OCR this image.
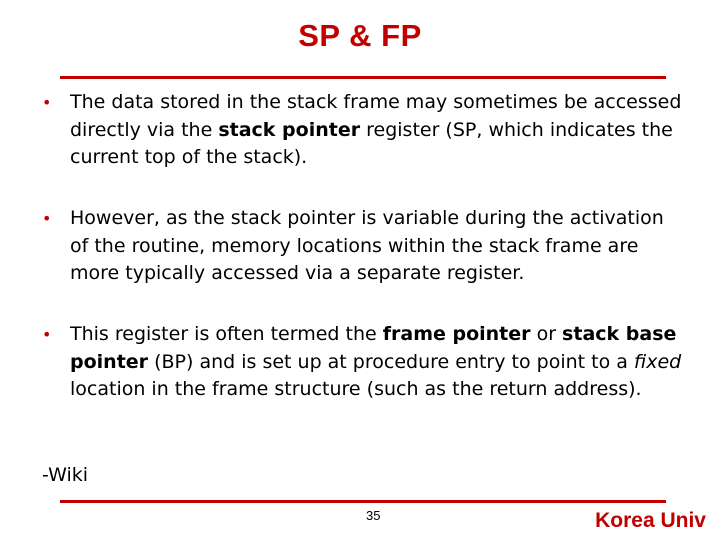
SP & FP
• The data stored in the stack frame may sometimes be accessed directly via the stack pointer register (SP, which indicates the current top of the stack).
• However, as the stack pointer is variable during the activation of the routine, memory locations within the stack frame are more typically accessed via a separate register.
• This register is often termed the frame pointer or stack base pointer (BP) and is set up at procedure entry to point to a fixed location in the frame structure (such as the return address).
-Wiki
35	Korea Univ
